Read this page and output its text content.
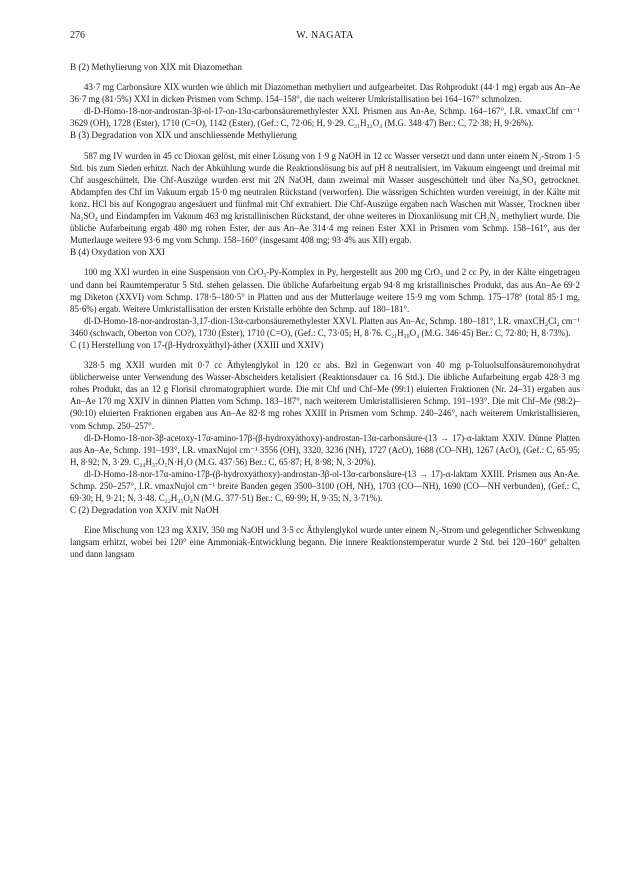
276	W. NAGATA
B (2) Methylierung von XIX mit Diazomethan

43·7 mg Carbonsäure XIX wurden wie üblich mit Diazomethan methyliert und aufgearbeitet. Das Rohprodukt (44·1 mg) ergab aus An–Ae 36·7 mg (81·5%) XXI in dicken Prismen vom Schmp. 154–158°, die nach weiterer Umkristallisation bei 164–167° schmolzen.

dl-D-Homo-18-nor-androstan-3β-ol-17-on-13α-carbonsäuremethylester XXI. Prismen aus An-Ae, Schmp. 164–167°, I.R. νmaxChf cm⁻¹ 3629 (OH), 1728 (Ester), 1710 (C=O), 1142 (Ester), (Gef.: C, 72·06; H, 9·29. C₂₁H₃₂O₄ (M.G. 348·47) Ber.: C, 72·38; H, 9·26%).

B (3) Degradation von XIX und anschliessende Methylierung

587 mg IV wurden in 45 cc Dioxan gelöst, mit einer Lösung von 1·9 g NaOH in 12 cc Wasser versetzt und dann unter einem N₂-Strom 1·5 Std. bis zum Sieden erhitzt. Nach der Abkühlung wurde die Reaktionslösung bis auf pH 8 neutralisiert, im Vakuum eingeengt und dreimal mit Chf ausgeschüttelt. Die Chf-Auszüge wurden erst mit 2N NaOH, dann zweimal mit Wasser ausgeschüttelt und über Na₂SO₄ getrocknet. Abdampfen des Chf im Vakuum ergab 15·0 mg neutralen Rückstand (verworfen). Die wässrigen Schichten wurden vereinigt, in der Kälte mit konz. HCl bis auf Kongograu angesäuert und fünfmal mit Chf extrahiert. Die Chf-Auszüge ergaben nach Waschen mit Wasser, Trocknen über Na₂SO₄ und Eindampfen im Vakuum 463 mg kristallinischen Rückstand, der ohne weiteres in Dioxanlösung mit CH₂N₂ methyliert wurde. Die übliche Aufarbeitung ergab 480 mg rohen Ester, der aus An–Ae 314·4 mg reinen Ester XXI in Prismen vom Schmp. 158–161°, aus der Mutterlauge weitere 93·6 mg vom Schmp. 158–160° (insgesamt 408 mg; 93·4% aus XII) ergab.

B (4) Oxydation von XXI

100 mg XXI wurden in eine Suspension von CrO₃-Py-Komplex in Py, hergestellt aus 200 mg CrO₃ und 2 cc Py, in der Kälte eingetragen und dann bei Raumtemperatur 5 Std. stehen gelassen. Die übliche Aufarbeitung ergab 94·8 mg kristallinisches Produkt, das aus An–Ae 69·2 mg Diketon (XXVI) vom Schmp. 178·5–180·5° in Platten und aus der Mutterlauge weitere 15·9 mg vom Schmp. 175–178° (total 85·1 mg, 85·6%) ergab. Weitere Umkristallisation der ersten Kristalle erhöhte den Schmp. auf 180–181°.

dl-D-Homo-18-nor-androstan-3,17-dion-13α-carbonsäuremethylester XXVI. Platten aus An–Ac, Schmp. 180–181°, I.R. νmaxCH₂Cl₂ cm⁻¹ 3460 (schwach, Oberton von CO?), 1730 (Ester), 1710 (C=O), (Gef.: C, 73·05; H, 8·76. C₂₁H₃₀O₄ (M.G. 346·45) Ber.: C, 72·80; H, 8·73%).

C (1) Herstellung von 17-(β-Hydroxyäthyl)-äther (XXIII und XXIV)

328·5 mg XXII wurden mit 0·7 cc Äthylenglykol in 120 cc abs. Bzl in Gegenwart von 40 mg p-Toluolsulfonsäuremonohydrat üblicherweise unter Verwendung des Wasser-Abscheiders ketalisiert (Reaktionsdauer ca. 16 Std.). Die übliche Aufarbeitung ergab 428·3 mg rohes Produkt, das an 12 g Florisil chromatographiert wurde. Die mit Chf und Chf–Me (99:1) eluierten Fraktionen (Nr. 24–31) ergaben aus An–Ae 170 mg XXIV in dünnen Platten vom Schmp. 183–187°, nach weiterem Umkristallisieren Schmp. 191–193°. Die mit Chf–Me (98:2)–(90:10) eluierten Fraktionen ergaben aus An–Ae 82·8 mg rohes XXIII in Prismen vom Schmp. 240–246°, nach weiterem Umkristallisieren, vom Schmp. 250–257°.

dl-D-Homo-18-nor-3β-acetoxy-17α-amino-17β-(β-hydroxyäthoxy)-androstan-13α-carbonsäure-(13 → 17)-α-laktam XXIV. Dünne Platten aus An–Ae, Schmp. 191–193°, I.R. νmaxNujol cm⁻¹ 3556 (OH), 3320, 3236 (NH), 1727 (AcO), 1688 (CO–NH), 1267 (AcO), (Gef.: C, 65·95; H, 8·92; N, 3·29. C₂₄H₃₇O₅N·H₂O (M.G. 437·56) Ber.: C, 65·87; H, 8·98; N, 3·20%).

dl-D-Homo-18-nor-17α-amino-17β-(β-hydroxyäthoxy)-androstan-3β-ol-13α-carbonsäure-(13 → 17)-α-laktam XXIII. Prismen aus An-Ae. Schmp. 250–257°, I.R. νmaxNujol cm⁻¹ breite Banden gegen 3500–3100 (OH, NH), 1703 (CO—NH), 1690 (CO—NH verbunden), (Gef.: C, 69·30; H, 9·21; N, 3·48. C₂₂H₃₅O₄N (M.G. 377·51) Ber.: C, 69·99; H, 9·35; N, 3·71%).

C (2) Degradation von XXIV mit NaOH

Eine Mischung von 123 mg XXIV, 350 mg NaOH und 3·5 cc Äthylenglykol wurde unter einem N₂-Strom und gelegentlicher Schwenkung langsam erhitzt, wobei bei 120° eine Ammoniak-Entwicklung begann. Die innere Reaktionstemperatur wurde 2 Std. bei 120–160° gehalten und dann langsam
